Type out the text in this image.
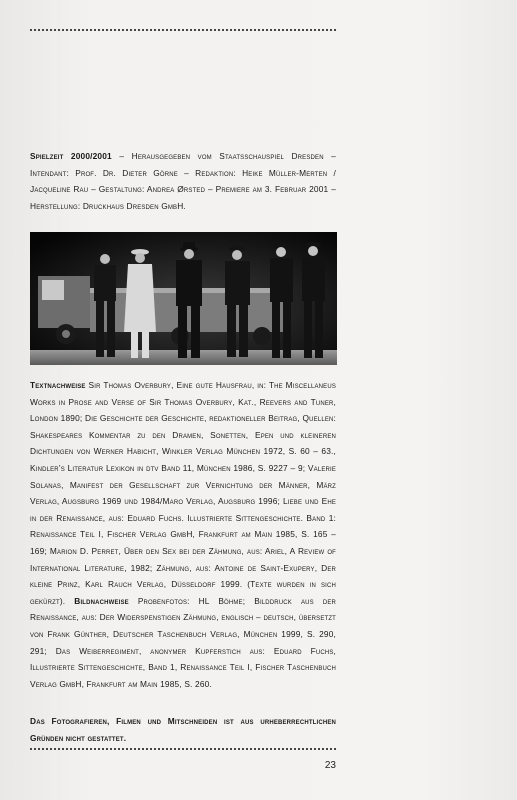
Spielzeit 2000/2001 – Herausgegeben vom Staatsschauspiel Dresden – Intendant: Prof. Dr. Dieter Görne – Redaktion: Heike Müller-Merten / Jacqueline Rau – Gestaltung: Andrea Ørsted – Premiere am 3. Februar 2001 – Herstellung: Druckhaus Dresden GmbH.
Textnachweise Sir Thomas Overbury, Eine gute Hausfrau, in: The Miscellaneus Works in Prose and Verse of Sir Thomas Overbury, Kat., Reevers and Tuner, London 1890; Die Geschichte der Geschichte, redaktioneller Beitrag, Quellen: Shakespeares Kommentar zu den Dramen, Sonetten, Epen und kleineren Dichtungen von Werner Habicht, Winkler Verlag München 1972, S. 60 – 63., Kindler’s Literatur Lexikon in dtv Band 11, München 1986, S. 9227 – 9; Valerie Solanas, Manifest der Gesellschaft zur Vernichtung der Männer, März Verlag, Augsburg 1969 und 1984/Maro Verlag, Augsburg 1996; Liebe und Ehe in der Renaissance, aus: Eduard Fuchs. Illustrierte Sittengeschichte. Band 1: Renaissance Teil I, Fischer Verlag GmbH, Frankfurt am Main 1985, S. 165 – 169; Marion D. Perret, Über den Sex bei der Zähmung, aus: Ariel, A Review of International Literature, 1982; Zähmung, aus: Antoine de Saint-Exupery, Der kleine Prinz, Karl Rauch Verlag, Düsseldorf 1999. (Texte wurden in sich gekürzt). Bildnachweise Probenfotos: HL Böhme; Bilddruck aus der Renaissance, aus: Der Widerspenstigen Zähmung, englisch – deutsch, übersetzt von Frank Günther, Deutscher Taschenbuch Verlag, München 1999, S. 290, 291; Das Weiberregiment, anonymer Kupferstich aus: Eduard Fuchs, Illustrierte Sittengeschichte, Band 1, Renaissance Teil I, Fischer Taschenbuch Verlag GmbH, Frankfurt am Main 1985, S. 260.
Das Fotografieren, Filmen und Mitschneiden ist aus urheberrechtlichen Gründen nicht gestattet.
23
